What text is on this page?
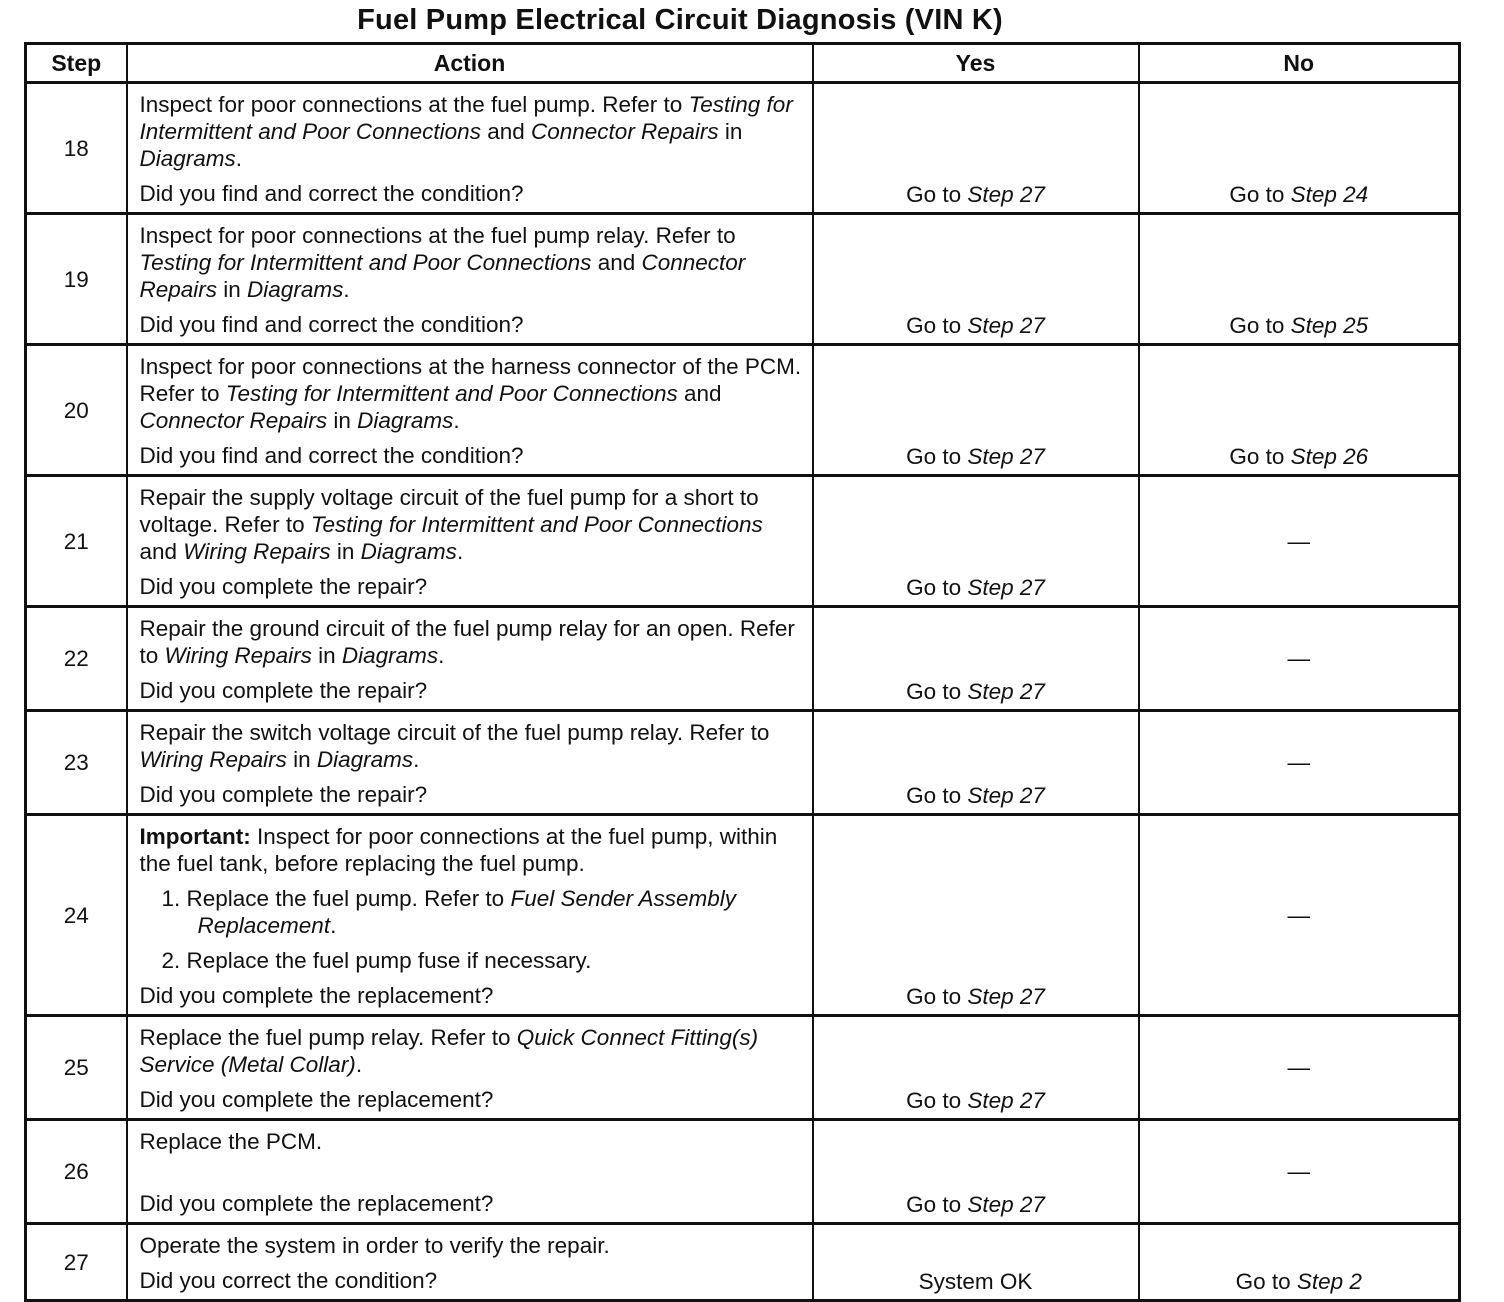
Fuel Pump Electrical Circuit Diagnosis (VIN K)
Step	Action	Yes	No
18	Inspect for poor connections at the fuel pump. Refer to Testing for Intermittent and Poor Connections and Connector Repairs in Diagrams.
Did you find and correct the condition?	Go to Step 27	Go to Step 24
19	Inspect for poor connections at the fuel pump relay. Refer to Testing for Intermittent and Poor Connections and Connector Repairs in Diagrams.
Did you find and correct the condition?	Go to Step 27	Go to Step 25
20	Inspect for poor connections at the harness connector of the PCM. Refer to Testing for Intermittent and Poor Connections and Connector Repairs in Diagrams.
Did you find and correct the condition?	Go to Step 27	Go to Step 26
21	Repair the supply voltage circuit of the fuel pump for a short to voltage. Refer to Testing for Intermittent and Poor Connections and Wiring Repairs in Diagrams.
Did you complete the repair?	Go to Step 27	—
22	Repair the ground circuit of the fuel pump relay for an open. Refer to Wiring Repairs in Diagrams.
Did you complete the repair?	Go to Step 27	—
23	Repair the switch voltage circuit of the fuel pump relay. Refer to Wiring Repairs in Diagrams.
Did you complete the repair?	Go to Step 27	—
24	Important: Inspect for poor connections at the fuel pump, within the fuel tank, before replacing the fuel pump.
1. Replace the fuel pump. Refer to Fuel Sender Assembly Replacement.
2. Replace the fuel pump fuse if necessary.
Did you complete the replacement?	Go to Step 27	—
25	Replace the fuel pump relay. Refer to Quick Connect Fitting(s) Service (Metal Collar).
Did you complete the replacement?	Go to Step 27	—
26	Replace the PCM.
Did you complete the replacement?	Go to Step 27	—
27	Operate the system in order to verify the repair.
Did you correct the condition?	System OK	Go to Step 2
